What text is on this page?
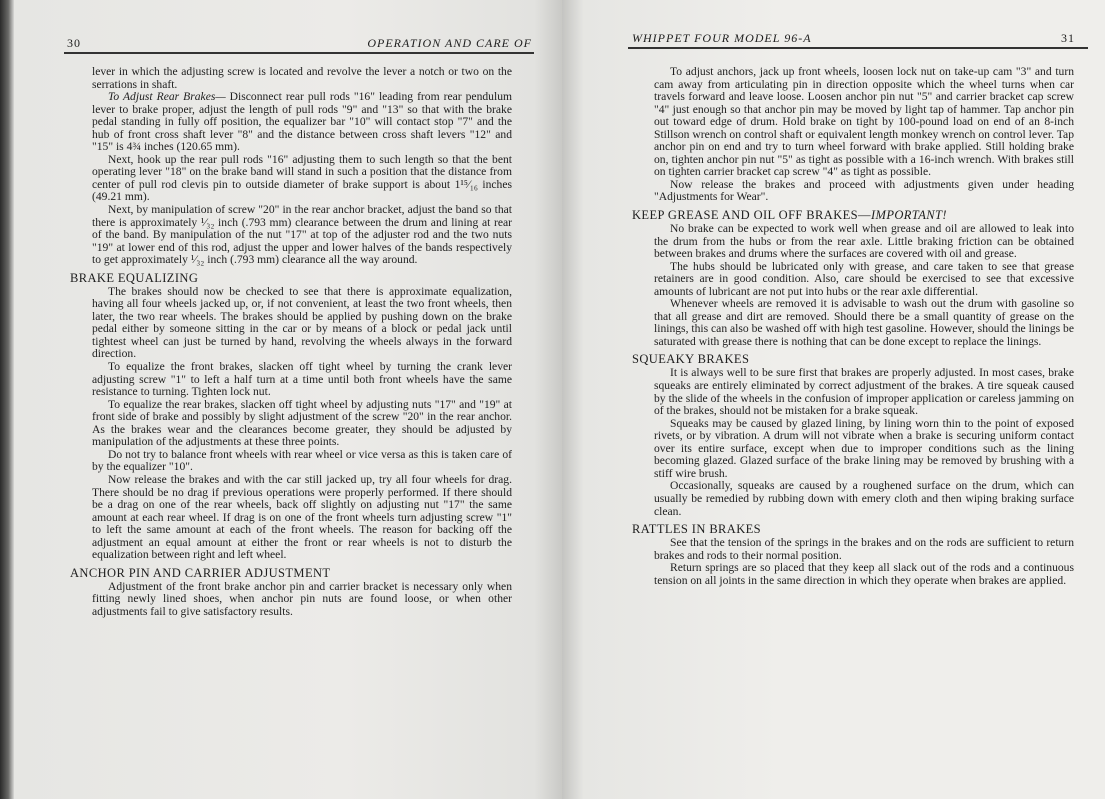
30	OPERATION AND CARE OF

lever in which the adjusting screw is located and revolve the lever a notch or two on the serrations in shaft.

To Adjust Rear Brakes— Disconnect rear pull rods "16" leading from rear pendulum lever to brake proper, adjust the length of pull rods "9" and "13" so that with the brake pedal standing in fully off position, the equalizer bar "10" will contact stop "7" and the hub of front cross shaft lever "8" and the distance between cross shaft levers "12" and "15" is 4¾ inches (120.65 mm).

Next, hook up the rear pull rods "16" adjusting them to such length so that the bent operating lever "18" on the brake band will stand in such a position that the distance from center of pull rod clevis pin to outside diameter of brake support is about 1¹⁵⁄₁₆ inches (49.21 mm).

Next, by manipulation of screw "20" in the rear anchor bracket, adjust the band so that there is approximately ¹⁄₃₂ inch (.793 mm) clearance between the drum and lining at rear of the band. By manipulation of the nut "17" at top of the adjuster rod and the two nuts "19" at lower end of this rod, adjust the upper and lower halves of the bands respectively to get approximately ¹⁄₃₂ inch (.793 mm) clearance all the way around.

BRAKE EQUALIZING

The brakes should now be checked to see that there is approximate equalization, having all four wheels jacked up, or, if not convenient, at least the two front wheels, then later, the two rear wheels. The brakes should be applied by pushing down on the brake pedal either by someone sitting in the car or by means of a block or pedal jack until tightest wheel can just be turned by hand, revolving the wheels always in the forward direction.

To equalize the front brakes, slacken off tight wheel by turning the crank lever adjusting screw "1" to left a half turn at a time until both front wheels have the same resistance to turning. Tighten lock nut.

To equalize the rear brakes, slacken off tight wheel by adjusting nuts "17" and "19" at front side of brake and possibly by slight adjustment of the screw "20" in the rear anchor. As the brakes wear and the clearances become greater, they should be adjusted by manipulation of the adjustments at these three points.

Do not try to balance front wheels with rear wheel or vice versa as this is taken care of by the equalizer "10".

Now release the brakes and with the car still jacked up, try all four wheels for drag. There should be no drag if previous operations were properly performed. If there should be a drag on one of the rear wheels, back off slightly on adjusting nut "17" the same amount at each rear wheel. If drag is on one of the front wheels turn adjusting screw "1" to left the same amount at each of the front wheels. The reason for backing off the adjustment an equal amount at either the front or rear wheels is not to disturb the equalization between right and left wheel.

ANCHOR PIN AND CARRIER ADJUSTMENT

Adjustment of the front brake anchor pin and carrier bracket is necessary only when fitting newly lined shoes, when anchor pin nuts are found loose, or when other adjustments fail to give satisfactory results.

WHIPPET FOUR MODEL 96-A	31

To adjust anchors, jack up front wheels, loosen lock nut on take-up cam "3" and turn cam away from articulating pin in direction opposite which the wheel turns when car travels forward and leave loose. Loosen anchor pin nut "5" and carrier bracket cap screw "4" just enough so that anchor pin may be moved by light tap of hammer. Tap anchor pin out toward edge of drum. Hold brake on tight by 100-pound load on end of an 8-inch Stillson wrench on control shaft or equivalent length monkey wrench on control lever. Tap anchor pin on end and try to turn wheel forward with brake applied. Still holding brake on, tighten anchor pin nut "5" as tight as possible with a 16-inch wrench. With brakes still on tighten carrier bracket cap screw "4" as tight as possible.

Now release the brakes and proceed with adjustments given under heading "Adjustments for Wear".

KEEP GREASE AND OIL OFF BRAKES—IMPORTANT!

No brake can be expected to work well when grease and oil are allowed to leak into the drum from the hubs or from the rear axle. Little braking friction can be obtained between brakes and drums where the surfaces are covered with oil and grease.

The hubs should be lubricated only with grease, and care taken to see that grease retainers are in good condition. Also, care should be exercised to see that excessive amounts of lubricant are not put into hubs or the rear axle differential.

Whenever wheels are removed it is advisable to wash out the drum with gasoline so that all grease and dirt are removed. Should there be a small quantity of grease on the linings, this can also be washed off with high test gasoline. However, should the linings be saturated with grease there is nothing that can be done except to replace the linings.

SQUEAKY BRAKES

It is always well to be sure first that brakes are properly adjusted. In most cases, brake squeaks are entirely eliminated by correct adjustment of the brakes. A tire squeak caused by the slide of the wheels in the confusion of improper application or careless jamming on of the brakes, should not be mistaken for a brake squeak.

Squeaks may be caused by glazed lining, by lining worn thin to the point of exposed rivets, or by vibration. A drum will not vibrate when a brake is securing uniform contact over its entire surface, except when due to improper conditions such as the lining becoming glazed. Glazed surface of the brake lining may be removed by brushing with a stiff wire brush.

Occasionally, squeaks are caused by a roughened surface on the drum, which can usually be remedied by rubbing down with emery cloth and then wiping braking surface clean.

RATTLES IN BRAKES

See that the tension of the springs in the brakes and on the rods are sufficient to return brakes and rods to their normal position.

Return springs are so placed that they keep all slack out of the rods and a continuous tension on all joints in the same direction in which they operate when brakes are applied.
